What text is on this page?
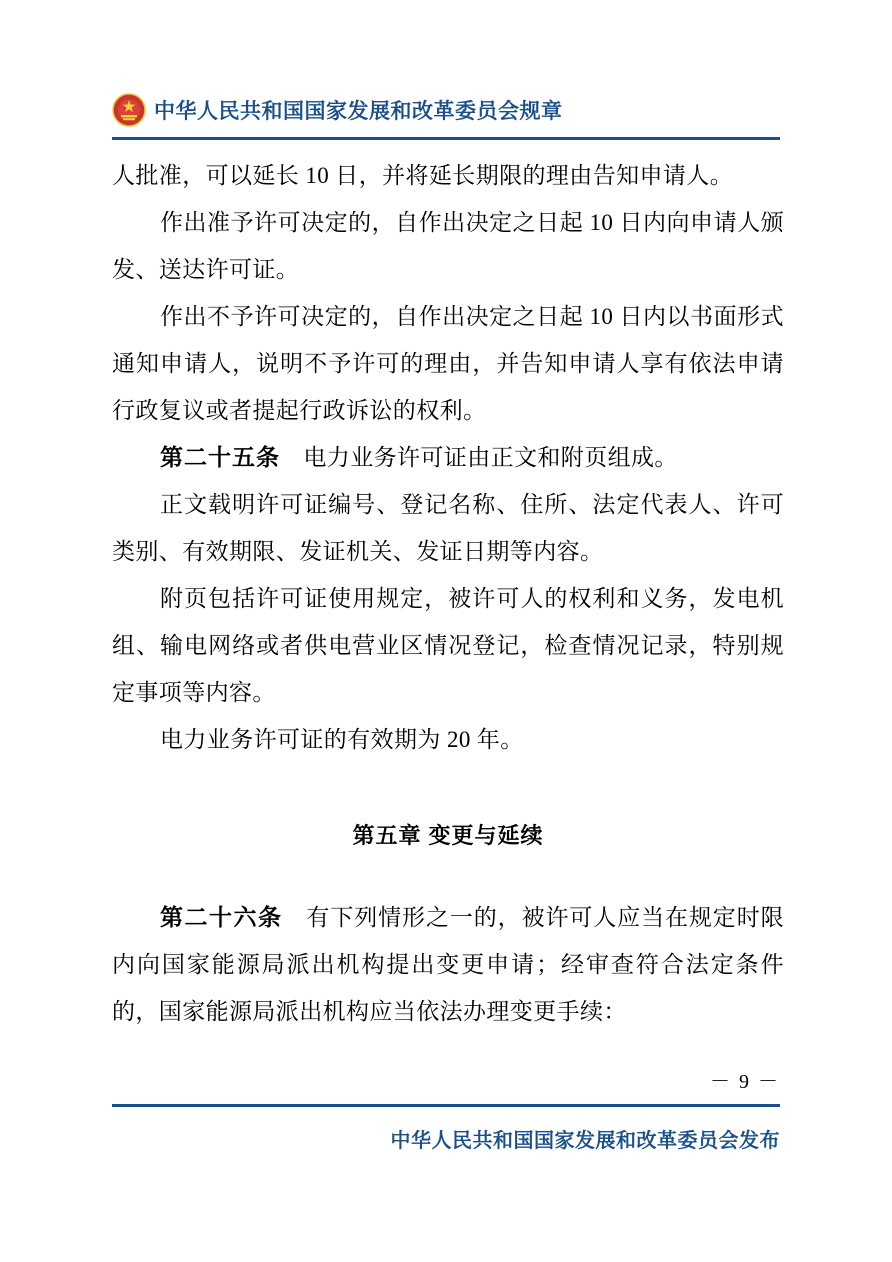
中华人民共和国国家发展和改革委员会规章

人批准，可以延长 10 日，并将延长期限的理由告知申请人。

作出准予许可决定的，自作出决定之日起 10 日内向申请人颁发、送达许可证。

作出不予许可决定的，自作出决定之日起 10 日内以书面形式通知申请人，说明不予许可的理由，并告知申请人享有依法申请行政复议或者提起行政诉讼的权利。

第二十五条　电力业务许可证由正文和附页组成。

正文载明许可证编号、登记名称、住所、法定代表人、许可类别、有效期限、发证机关、发证日期等内容。

附页包括许可证使用规定，被许可人的权利和义务，发电机组、输电网络或者供电营业区情况登记，检查情况记录，特别规定事项等内容。

电力业务许可证的有效期为 20 年。

第五章 变更与延续

第二十六条　有下列情形之一的，被许可人应当在规定时限内向国家能源局派出机构提出变更申请；经审查符合法定条件的，国家能源局派出机构应当依法办理变更手续：

－ 9 －
中华人民共和国国家发展和改革委员会发布
